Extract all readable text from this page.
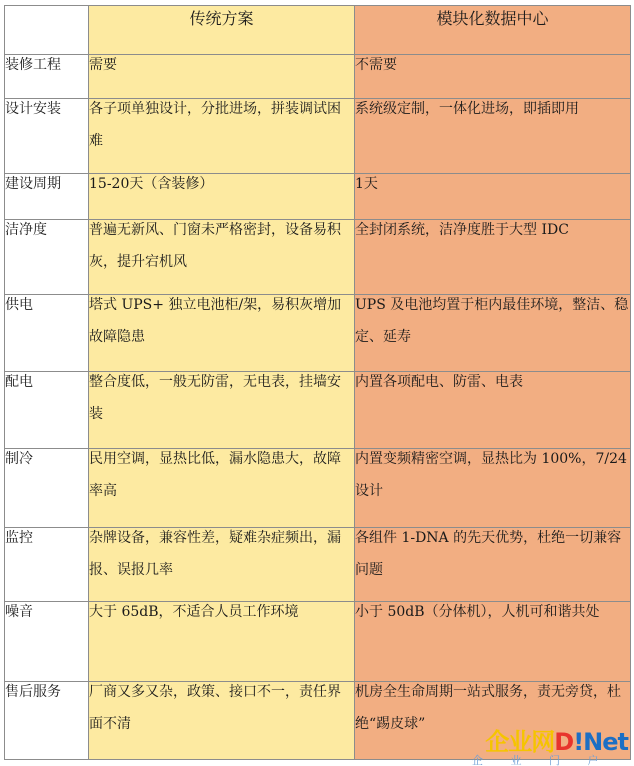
	传统方案	模块化数据中心
装修工程	需要	不需要

设计安装	各子项单独设计，分批进场，拼装调试困难	系统级定制，一体化进场，即插即用

建设周期	15-20天（含装修）	1天

洁净度	普遍无新风、门窗未严格密封，设备易积灰，提升宕机风	全封闭系统，洁净度胜于大型 IDC

供电	塔式 UPS+ 独立电池柜/架，易积灰增加故障隐患	UPS 及电池均置于柜内最佳环境，整洁、稳定、延寿

配电	整合度低，一般无防雷，无电表，挂墙安装	内置各项配电、防雷、电表

制冷	民用空调，显热比低，漏水隐患大，故障率高	内置变频精密空调，显热比为 100%，7/24 设计

监控	杂牌设备，兼容性差，疑难杂症频出，漏报、误报几率	各组件 1-DNA 的先天优势，杜绝一切兼容问题

噪音	大于 65dB，不适合人员工作环境	小于 50dB（分体机），人机可和谐共处

售后服务	厂商又多又杂，政策、接口不一，责任界面不清	机房全生命周期一站式服务，责无旁贷，杜绝“踢皮球”
企业网D!Net
企 业 门 户
